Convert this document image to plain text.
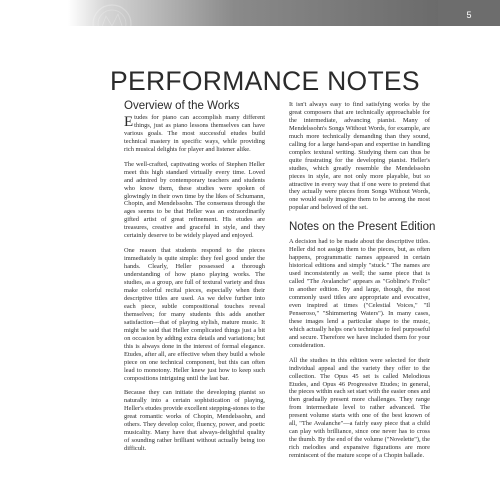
5
PERFORMANCE NOTES
Overview of the Works

Etudes for piano can accomplish many different things, just as piano lessons themselves can have various goals. The most successful etudes build technical mastery in specific ways, while providing rich musical delights for player and listener alike.

The well-crafted, captivating works of Stephen Heller meet this high standard virtually every time. Loved and admired by contemporary teachers and students who know them, these studies were spoken of glowingly in their own time by the likes of Schumann, Chopin, and Mendelssohn. The consensus through the ages seems to be that Heller was an extraordinarily gifted artist of great refinement. His etudes are treasures, creative and graceful in style, and they certainly deserve to be widely played and enjoyed.

One reason that students respond to the pieces immediately is quite simple: they feel good under the hands. Clearly, Heller possessed a thorough understanding of how piano playing works. The studies, as a group, are full of textural variety and thus make colorful recital pieces, especially when their descriptive titles are used. As we delve further into each piece, subtle compositional touches reveal themselves; for many students this adds another satisfaction—that of playing stylish, mature music. It might be said that Heller complicated things just a bit on occasion by adding extra details and variations; but this is always done in the interest of formal elegance. Etudes, after all, are effective when they build a whole piece on one technical component, but this can often lead to monotony. Heller knew just how to keep such compositions intriguing until the last bar.

Because they can initiate the developing pianist so naturally into a certain sophistication of playing, Heller's etudes provide excellent stepping-stones to the great romantic works of Chopin, Mendelssohn, and others. They develop color, fluency, power, and poetic musicality. Many have that always-delightful quality of sounding rather brilliant without actually being too difficult.

It isn't always easy to find satisfying works by the great composers that are technically approachable for the intermediate, advancing pianist. Many of Mendelssohn's Songs Without Words, for example, are much more technically demanding than they sound, calling for a large hand-span and expertise in handling complex textural writing. Studying them can thus be quite frustrating for the developing pianist. Heller's studies, which greatly resemble the Mendelssohn pieces in style, are not only more playable, but so attractive in every way that if one were to pretend that they actually were pieces from Songs Without Words, one would easily imagine them to be among the most popular and beloved of the set.

Notes on the Present Edition

A decision had to be made about the descriptive titles. Heller did not assign them to the pieces, but, as often happens, programmatic names appeared in certain historical editions and simply "stuck." The names are used inconsistently as well; the same piece that is called "The Avalanche" appears as "Gobline's Frolic" in another edition. By and large, though, the most commonly used titles are appropriate and evocative, even inspired at times ("Celestial Voices," "Il Penseroso," "Shimmering Waters"). In many cases, these images lend a particular shape to the music, which actually helps one's technique to feel purposeful and secure. Therefore we have included them for your consideration.

All the studies in this edition were selected for their individual appeal and the variety they offer to the collection. The Opus 45 set is called Melodious Etudes, and Opus 46 Progressive Etudes; in general, the pieces within each set start with the easier ones and then gradually present more challenges. They range from intermediate level to rather advanced. The present volume starts with one of the best known of all, "The Avalanche"—a fairly easy piece that a child can play with brilliance, since one never has to cross the thumb. By the end of the volume ("Novelette"), the rich melodies and expansive figurations are more reminiscent of the mature scope of a Chopin ballade.
